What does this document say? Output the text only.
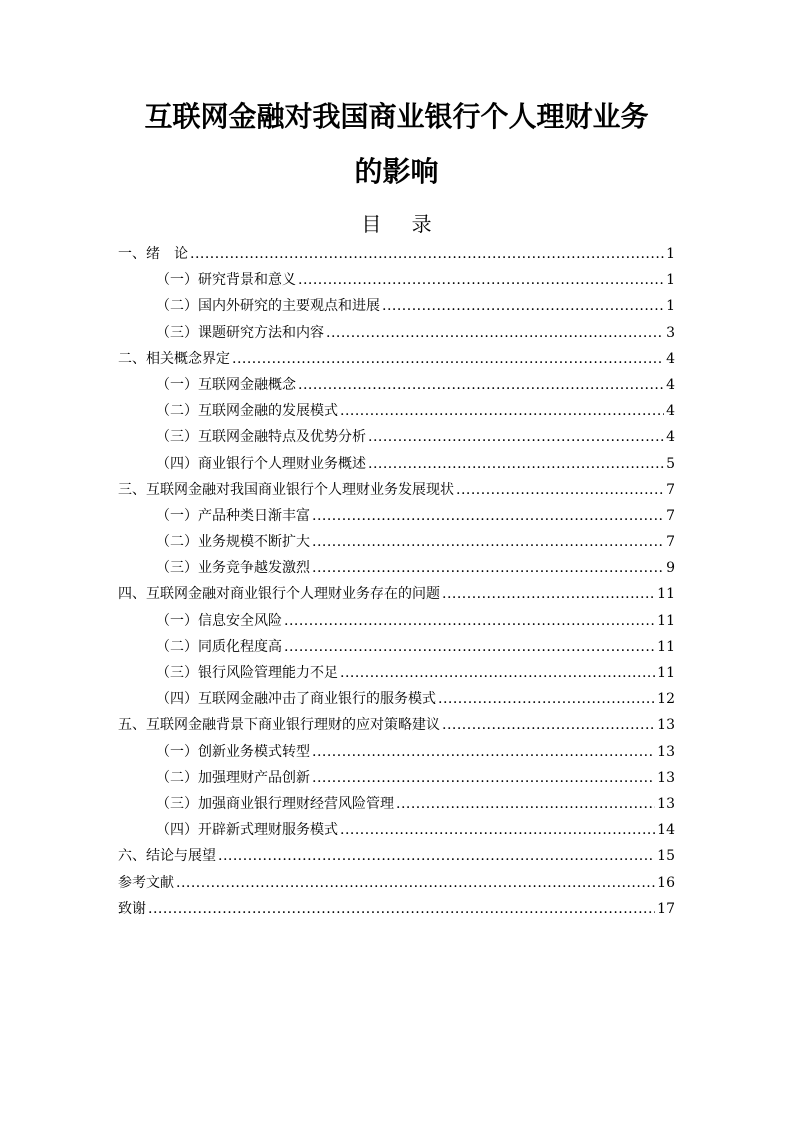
互联网金融对我国商业银行个人理财业务
的影响
目 录
一、 绪　论 .....	1
（一） 研究背景和意义 .....	1
（二） 国内外研究的主要观点和进展 .....	1
（三） 课题研究方法和内容 .....	3
二、 相关概念界定 .....	4
（一） 互联网金融概念 .....	4
（二） 互联网金融的发展模式 .....	4
（三） 互联网金融特点及优势分析 .....	4
（四） 商业银行个人理财业务概述 .....	5
三、 互联网金融对我国商业银行个人理财业务发展现状 .....	7
（一） 产品种类日渐丰富 .....	7
（二） 业务规模不断扩大 .....	7
（三） 业务竞争越发激烈 .....	9
四、 互联网金融对商业银行个人理财业务存在的问题 .....	11
（一） 信息安全风险 .....	11
（二） 同质化程度高 .....	11
（三） 银行风险管理能力不足 .....	11
（四） 互联网金融冲击了商业银行的服务模式 .....	12
五、 互联网金融背景下商业银行理财的应对策略建议 .....	13
（一） 创新业务模式转型 .....	13
（二） 加强理财产品创新 .....	13
（三） 加强商业银行理财经营风险管理 .....	13
（四） 开辟新式理财服务模式 .....	14
六、 结论与展望 .....	15
参考文献 .....	16
致谢 .....	17
